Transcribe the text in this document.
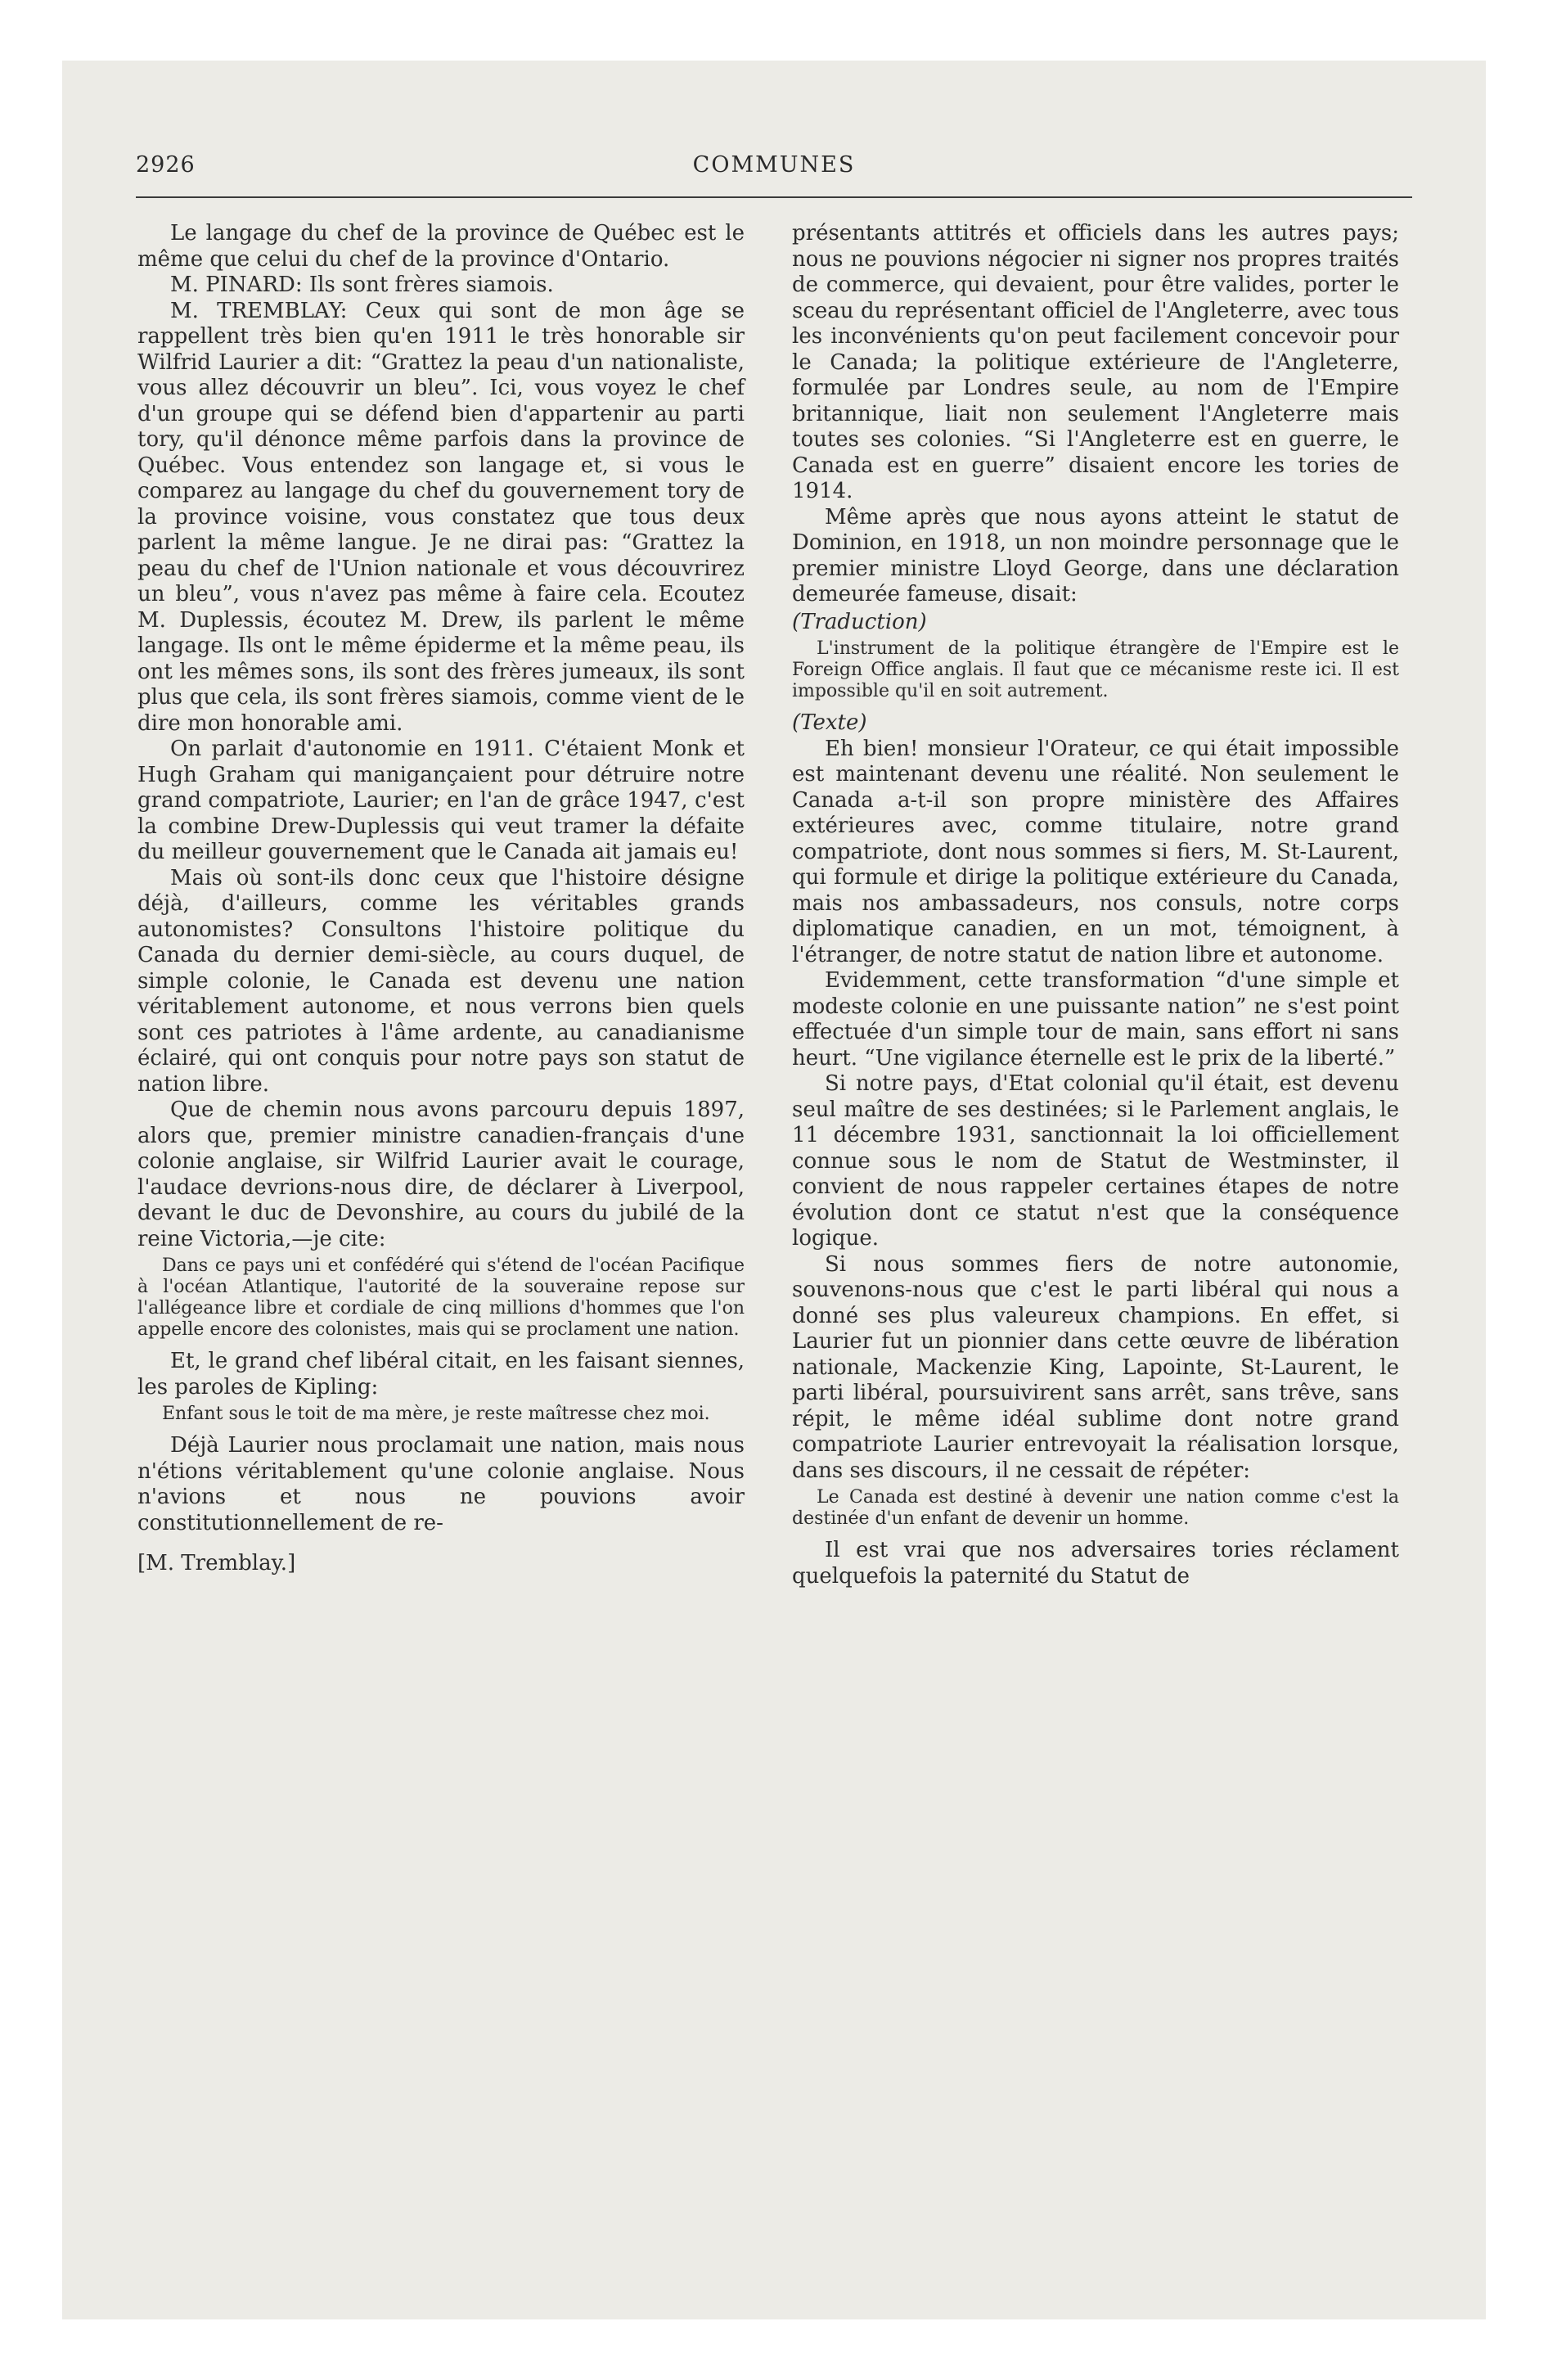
2926	COMMUNES

Le langage du chef de la province de Québec est le même que celui du chef de la province d'Ontario.

M. PINARD: Ils sont frères siamois.

M. TREMBLAY: Ceux qui sont de mon âge se rappellent très bien qu'en 1911 le très honorable sir Wilfrid Laurier a dit: “Grattez la peau d'un nationaliste, vous allez découvrir un bleu”. Ici, vous voyez le chef d'un groupe qui se défend bien d'appartenir au parti tory, qu'il dénonce même parfois dans la province de Québec. Vous entendez son langage et, si vous le comparez au langage du chef du gouvernement tory de la province voisine, vous constatez que tous deux parlent la même langue. Je ne dirai pas: “Grattez la peau du chef de l'Union nationale et vous découvrirez un bleu”, vous n'avez pas même à faire cela. Ecoutez M. Duplessis, écoutez M. Drew, ils parlent le même langage. Ils ont le même épiderme et la même peau, ils ont les mêmes sons, ils sont des frères jumeaux, ils sont plus que cela, ils sont frères siamois, comme vient de le dire mon honorable ami.

On parlait d'autonomie en 1911. C'étaient Monk et Hugh Graham qui manigançaient pour détruire notre grand compatriote, Laurier; en l'an de grâce 1947, c'est la combine Drew-Duplessis qui veut tramer la défaite du meilleur gouvernement que le Canada ait jamais eu!

Mais où sont-ils donc ceux que l'histoire désigne déjà, d'ailleurs, comme les véritables grands autonomistes? Consultons l'histoire politique du Canada du dernier demi-siècle, au cours duquel, de simple colonie, le Canada est devenu une nation véritablement autonome, et nous verrons bien quels sont ces patriotes à l'âme ardente, au canadianisme éclairé, qui ont conquis pour notre pays son statut de nation libre.

Que de chemin nous avons parcouru depuis 1897, alors que, premier ministre canadien-français d'une colonie anglaise, sir Wilfrid Laurier avait le courage, l'audace devrions-nous dire, de déclarer à Liverpool, devant le duc de Devonshire, au cours du jubilé de la reine Victoria,—je cite:

Dans ce pays uni et confédéré qui s'étend de l'océan Pacifique à l'océan Atlantique, l'autorité de la souveraine repose sur l'allégeance libre et cordiale de cinq millions d'hommes que l'on appelle encore des colonistes, mais qui se proclament une nation.

Et, le grand chef libéral citait, en les faisant siennes, les paroles de Kipling:

Enfant sous le toit de ma mère, je reste maîtresse chez moi.

Déjà Laurier nous proclamait une nation, mais nous n'étions véritablement qu'une colonie anglaise. Nous n'avions et nous ne pouvions avoir constitutionnellement de re-

[M. Tremblay.]

présentants attitrés et officiels dans les autres pays; nous ne pouvions négocier ni signer nos propres traités de commerce, qui devaient, pour être valides, porter le sceau du représentant officiel de l'Angleterre, avec tous les inconvénients qu'on peut facilement concevoir pour le Canada; la politique extérieure de l'Angleterre, formulée par Londres seule, au nom de l'Empire britannique, liait non seulement l'Angleterre mais toutes ses colonies. “Si l'Angleterre est en guerre, le Canada est en guerre” disaient encore les tories de 1914.

Même après que nous ayons atteint le statut de Dominion, en 1918, un non moindre personnage que le premier ministre Lloyd George, dans une déclaration demeurée fameuse, disait:

(Traduction)

L'instrument de la politique étrangère de l'Empire est le Foreign Office anglais. Il faut que ce mécanisme reste ici. Il est impossible qu'il en soit autrement.

(Texte)

Eh bien! monsieur l'Orateur, ce qui était impossible est maintenant devenu une réalité. Non seulement le Canada a-t-il son propre ministère des Affaires extérieures avec, comme titulaire, notre grand compatriote, dont nous sommes si fiers, M. St-Laurent, qui formule et dirige la politique extérieure du Canada, mais nos ambassadeurs, nos consuls, notre corps diplomatique canadien, en un mot, témoignent, à l'étranger, de notre statut de nation libre et autonome.

Evidemment, cette transformation “d'une simple et modeste colonie en une puissante nation” ne s'est point effectuée d'un simple tour de main, sans effort ni sans heurt. “Une vigilance éternelle est le prix de la liberté.”

Si notre pays, d'Etat colonial qu'il était, est devenu seul maître de ses destinées; si le Parlement anglais, le 11 décembre 1931, sanctionnait la loi officiellement connue sous le nom de Statut de Westminster, il convient de nous rappeler certaines étapes de notre évolution dont ce statut n'est que la conséquence logique.

Si nous sommes fiers de notre autonomie, souvenons-nous que c'est le parti libéral qui nous a donné ses plus valeureux champions. En effet, si Laurier fut un pionnier dans cette œuvre de libération nationale, Mackenzie King, Lapointe, St-Laurent, le parti libéral, poursuivirent sans arrêt, sans trêve, sans répit, le même idéal sublime dont notre grand compatriote Laurier entrevoyait la réalisation lorsque, dans ses discours, il ne cessait de répéter:

Le Canada est destiné à devenir une nation comme c'est la destinée d'un enfant de devenir un homme.

Il est vrai que nos adversaires tories réclament quelquefois la paternité du Statut de
